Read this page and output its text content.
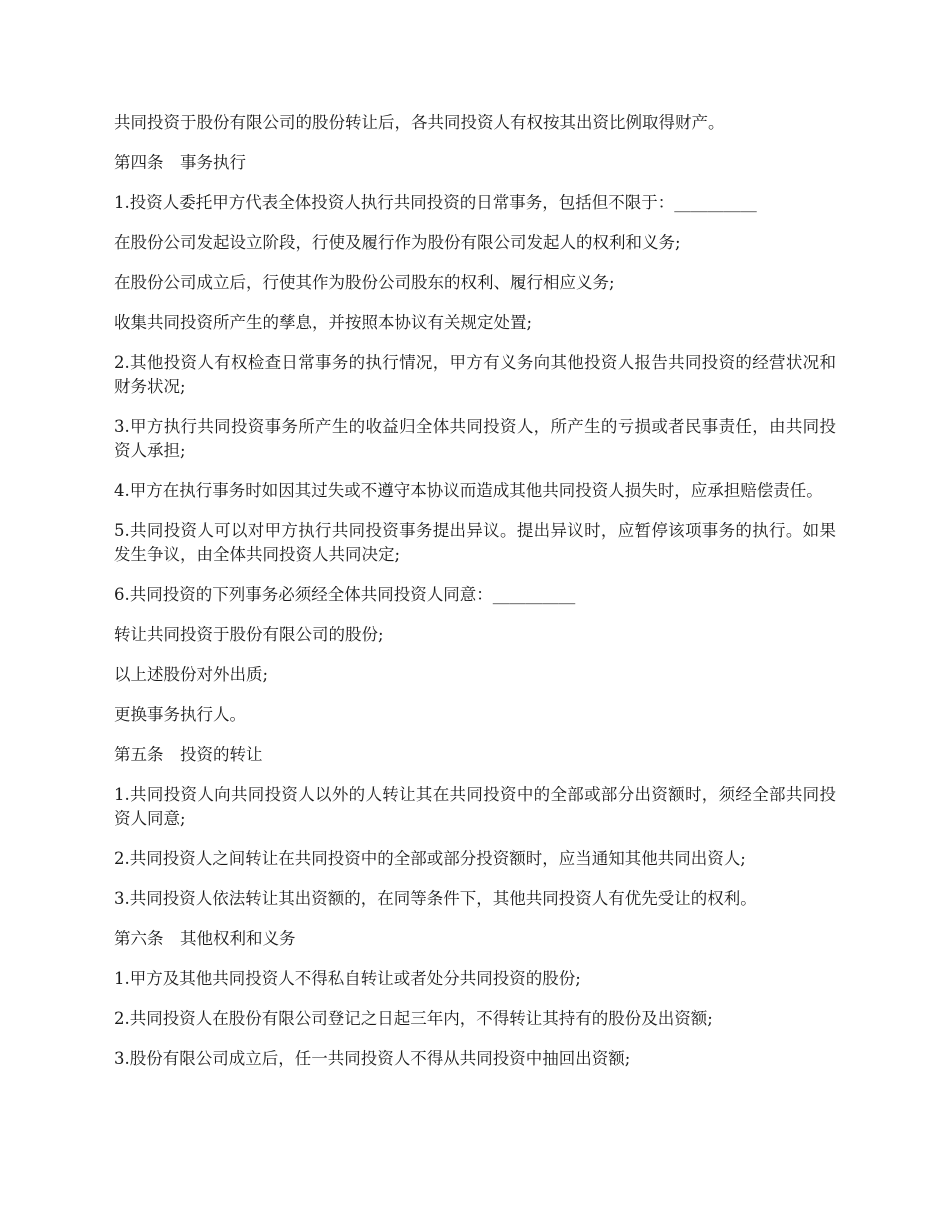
共同投资于股份有限公司的股份转让后，各共同投资人有权按其出资比例取得财产。

第四条　事务执行

1.投资人委托甲方代表全体投资人执行共同投资的日常事务，包括但不限于：__________

在股份公司发起设立阶段，行使及履行作为股份有限公司发起人的权利和义务;

在股份公司成立后，行使其作为股份公司股东的权利、履行相应义务;

收集共同投资所产生的孳息，并按照本协议有关规定处置;

2.其他投资人有权检查日常事务的执行情况，甲方有义务向其他投资人报告共同投资的经营状况和财务状况;

3.甲方执行共同投资事务所产生的收益归全体共同投资人，所产生的亏损或者民事责任，由共同投资人承担;

4.甲方在执行事务时如因其过失或不遵守本协议而造成其他共同投资人损失时，应承担赔偿责任。

5.共同投资人可以对甲方执行共同投资事务提出异议。提出异议时，应暂停该项事务的执行。如果发生争议，由全体共同投资人共同决定;

6.共同投资的下列事务必须经全体共同投资人同意：__________

转让共同投资于股份有限公司的股份;

以上述股份对外出质;

更换事务执行人。

第五条　投资的转让

1.共同投资人向共同投资人以外的人转让其在共同投资中的全部或部分出资额时，须经全部共同投资人同意;

2.共同投资人之间转让在共同投资中的全部或部分投资额时，应当通知其他共同出资人;

3.共同投资人依法转让其出资额的，在同等条件下，其他共同投资人有优先受让的权利。

第六条　其他权利和义务

1.甲方及其他共同投资人不得私自转让或者处分共同投资的股份;

2.共同投资人在股份有限公司登记之日起三年内，不得转让其持有的股份及出资额;

3.股份有限公司成立后，任一共同投资人不得从共同投资中抽回出资额;
